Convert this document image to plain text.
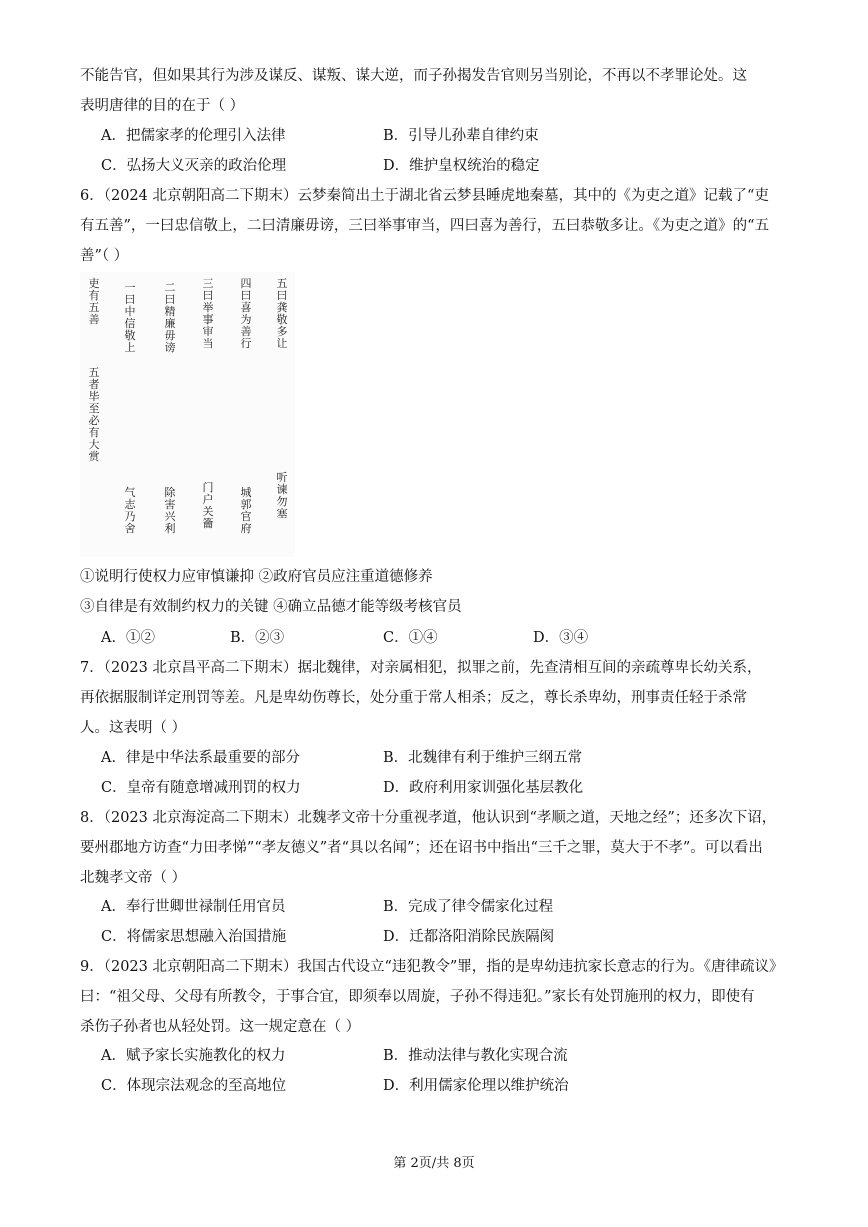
不能告官，但如果其行为涉及谋反、谋叛、谋大逆，而子孙揭发告官则另当别论，不再以不孝罪论处。这
表明唐律的目的在于（ ）
A．把儒家孝的伦理引入法律	B．引导儿孙辈自律约束
C．弘扬大义灭亲的政治伦理	D．维护皇权统治的稳定
6．（2024 北京朝阳高二下期末）云梦秦简出土于湖北省云梦县睡虎地秦墓，其中的《为吏之道》记载了“吏
有五善”，一曰忠信敬上，二曰清廉毋谤，三曰举事审当，四曰喜为善行，五曰恭敬多让。《为吏之道》的“五
善”（ ）
吏有五善
五者毕至必有大赏
一曰中信敬上
气志乃舍
二曰精廉毋谤
除害兴利
三曰举事审当
门户关籥
四曰喜为善行
城郭官府
五曰龚敬多让
听谏勿塞
①说明行使权力应审慎谦抑 ②政府官员应注重道德修养
③自律是有效制约权力的关键 ④确立品德才能等级考核官员
A．①②	B．②③	C．①④	D．③④
7．（2023 北京昌平高二下期末）据北魏律，对亲属相犯，拟罪之前，先查清相互间的亲疏尊卑长幼关系，
再依据服制详定刑罚等差。凡是卑幼伤尊长，处分重于常人相杀；反之，尊长杀卑幼，刑事责任轻于杀常
人。这表明（ ）
A．律是中华法系最重要的部分	B．北魏律有利于维护三纲五常
C．皇帝有随意增减刑罚的权力	D．政府利用家训强化基层教化
8．（2023 北京海淀高二下期末）北魏孝文帝十分重视孝道，他认识到“孝顺之道，天地之经”；还多次下诏，
要州郡地方访查“力田孝悌”“孝友德义”者“具以名闻”；还在诏书中指出“三千之罪，莫大于不孝”。可以看出
北魏孝文帝（ ）
A．奉行世卿世禄制任用官员	B．完成了律令儒家化过程
C．将儒家思想融入治国措施	D．迁都洛阳消除民族隔阂
9．（2023 北京朝阳高二下期末）我国古代设立“违犯教令”罪，指的是卑幼违抗家长意志的行为。《唐律疏议》
曰：“祖父母、父母有所教令，于事合宜，即须奉以周旋，子孙不得违犯。”家长有处罚施刑的权力，即使有
杀伤子孙者也从轻处罚。这一规定意在（ ）
A．赋予家长实施教化的权力	B．推动法律与教化实现合流
C．体现宗法观念的至高地位	D．利用儒家伦理以维护统治
第 2页/共 8页
